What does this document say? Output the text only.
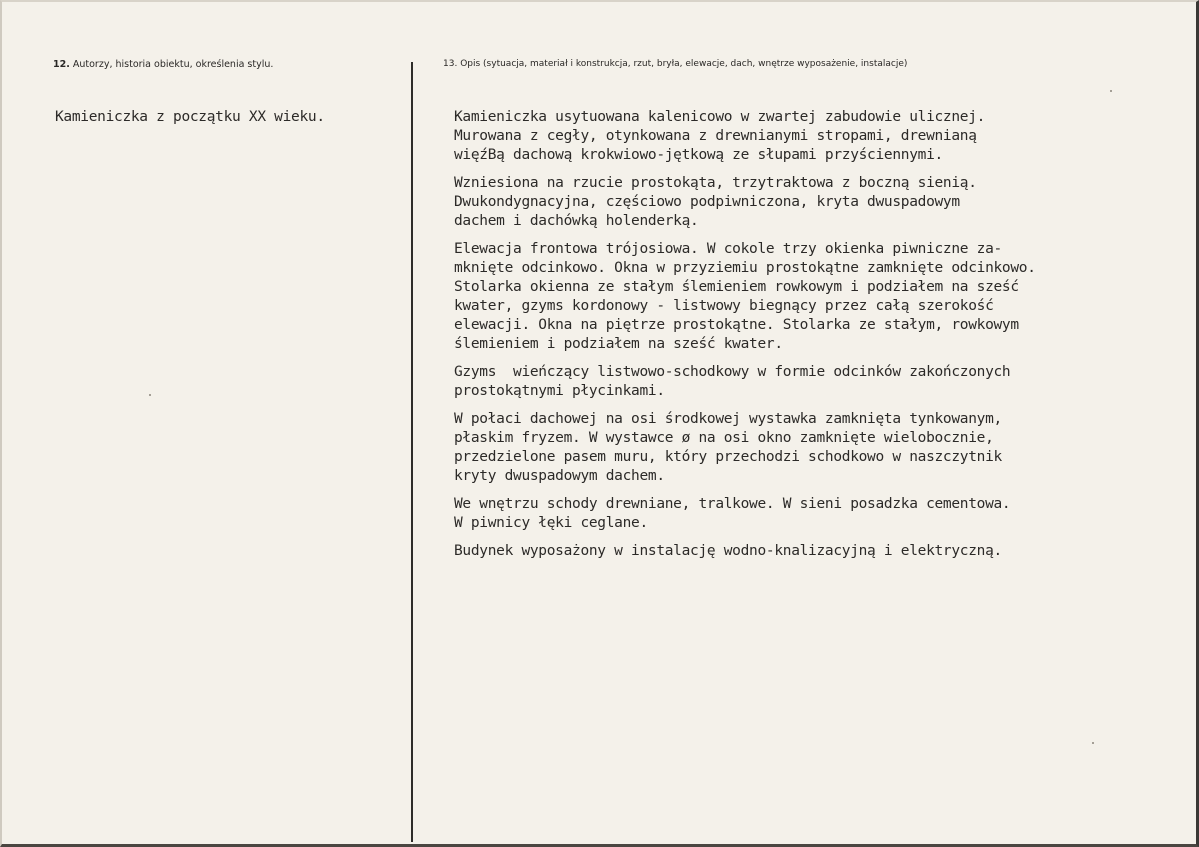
12. Autorzy, historia obiektu, określenia stylu.	13. Opis (sytuacja, materiał i konstrukcja, rzut, bryła, elewacje, dach, wnętrze wyposażenie, instalacje)
Kamieniczka z początku XX wieku.	Kamieniczka usytuowana kalenicowo w zwartej zabudowie ulicznej.
Murowana z cegły, otynkowana z drewnianymi stropami, drewnianą
więźBą dachową krokwiowo-jętkową ze słupami przyściennymi.
Wzniesiona na rzucie prostokąta, trzytraktowa z boczną sienią.
Dwukondygnacyjna, częściowo podpiwniczona, kryta dwuspadowym
dachem i dachówką holenderką.
Elewacja frontowa trójosiowa. W cokole trzy okienka piwniczne za-
mknięte odcinkowo. Okna w przyziemiu prostokątne zamknięte odcinkowo.
Stolarka okienna ze stałym ślemieniem rowkowym i podziałem na sześć
kwater, gzyms kordonowy - listwowy biegnący przez całą szerokość
elewacji. Okna na piętrze prostokątne. Stolarka ze stałym, rowkowym
ślemieniem i podziałem na sześć kwater.
Gzyms  wieńczący listwowo-schodkowy w formie odcinków zakończonych
prostokątnymi płycinkami.
W połaci dachowej na osi środkowej wystawka zamknięta tynkowanym,
płaskim fryzem. W wystawce ø na osi okno zamknięte wielobocznie,
przedzielone pasem muru, który przechodzi schodkowo w naszczytnik
kryty dwuspadowym dachem.
We wnętrzu schody drewniane, tralkowe. W sieni posadzka cementowa.
W piwnicy łęki ceglane.
Budynek wyposażony w instalację wodno-knalizacyjną i elektryczną.
